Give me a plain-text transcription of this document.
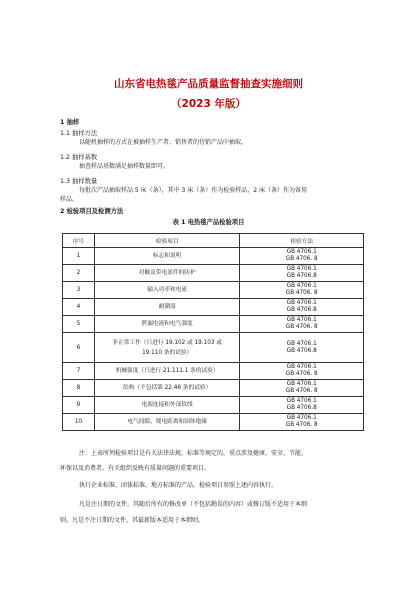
山东省电热毯产品质量监督抽查实施细则
（2023 年版）
1 抽样
1.1 抽样方法
以随机抽样的方式在被抽样生产者、销售者的待销产品中抽取。
1.2 抽样基数
抽查样品基数满足抽样数量即可。
1.3 抽样数量
每批次产品抽取样品 5 床（条），其中 3 床（条）作为检验样品，2 床（条）作为备用
样品。
2 检验项目及检测方法
表 1 电热毯产品检验项目
序号	检验项目	检验方法
1	标志和说明	GB 4706.1
GB 4706. 8

2	对触及带电部件的防护	GB 4706.1
GB 4706.8

3	输入功率和电流	GB 4706.1
GB 4706. 8

4	耐潮湿	GB 4706.1
GB 4706.8

5	泄漏电流和电气强度	GB 4706.1
GB 4706. 8

6	非正常工作（只进行 19.102 或 19.103 或
19.110 条的试验）	GB 4706.1
GB 4706.8

7	机械强度（只进行 21.111.1 条的试验）	GB 4706.1
GB 4706. 8

8	结构（不包括第 22.46 条的试验）	GB 4706.1
GB 4706. 8

9	电源连接和外部软线	GB 4706.1
GB 4706.8

10	电气间隙、爬电距离和固体绝缘	GB 4706.1
GB 4706. 8
注：上表所列检验项目是有关法律法规、标准等规定的，重点涉及健康、安全、节能、
环保以及消费者、有关组织反映有质量问题的重要项目。
执行企业标准、团体标准、地方标准的产品，检验项目参照上述内容执行。
凡是注日期的文件，其随后所有的修改单（不包括勘误的内容）或修订版不适用于本细
则。凡是不注日期的文件，其最新版本适用于本细则。
